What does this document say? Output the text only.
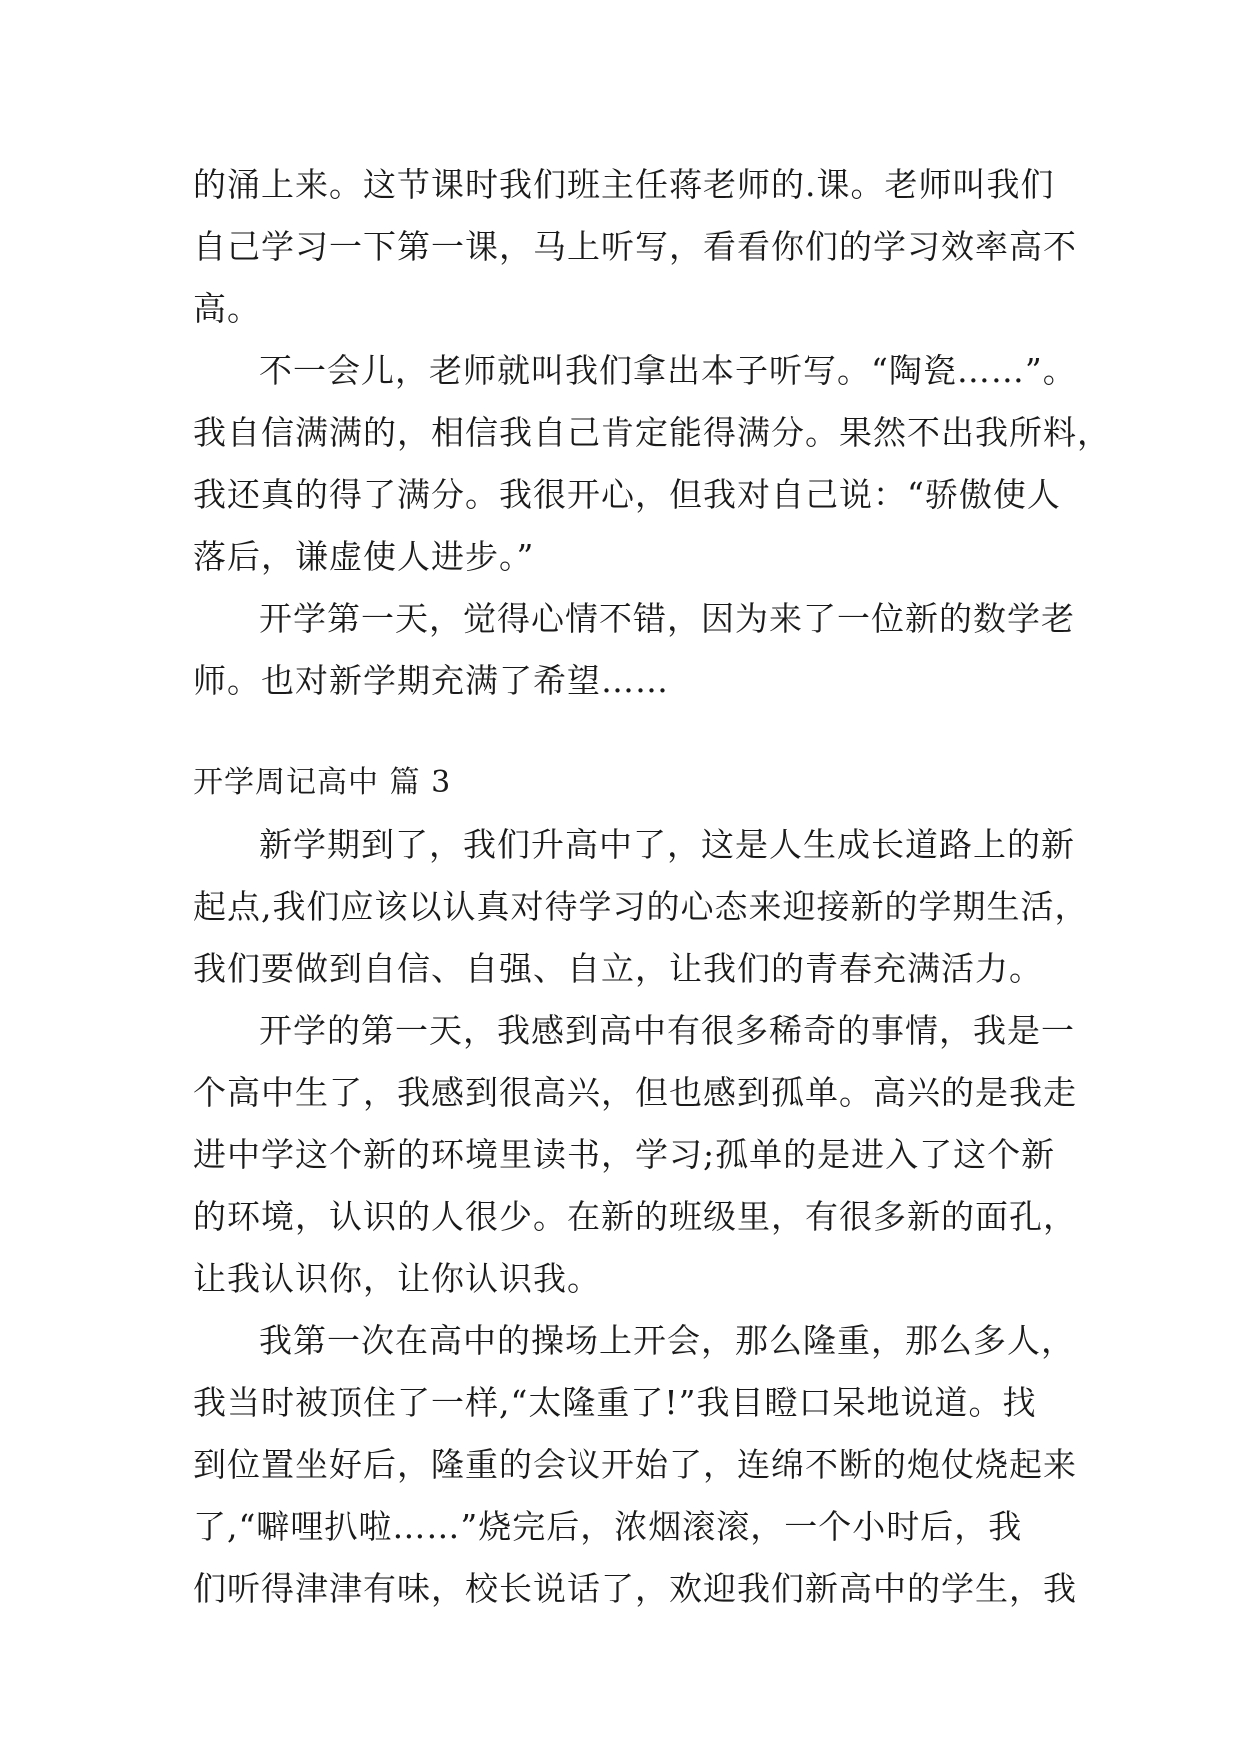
的涌上来。这节课时我们班主任蒋老师的.课。老师叫我们
自己学习一下第一课，马上听写，看看你们的学习效率高不
高。
不一会儿，老师就叫我们拿出本子听写。“陶瓷……”。
我自信满满的，相信我自己肯定能得满分。果然不出我所料，
我还真的得了满分。我很开心，但我对自己说：“骄傲使人
落后，谦虚使人进步。”
开学第一天，觉得心情不错，因为来了一位新的数学老
师。也对新学期充满了希望……
开学周记高中 篇 3
新学期到了，我们升高中了，这是人生成长道路上的新
起点,我们应该以认真对待学习的心态来迎接新的学期生活，
我们要做到自信、自强、自立，让我们的青春充满活力。
开学的第一天，我感到高中有很多稀奇的事情，我是一
个高中生了，我感到很高兴，但也感到孤单。高兴的是我走
进中学这个新的环境里读书，学习;孤单的是进入了这个新
的环境，认识的人很少。在新的班级里，有很多新的面孔，
让我认识你，让你认识我。
我第一次在高中的操场上开会，那么隆重，那么多人，
我当时被顶住了一样,“太隆重了!”我目瞪口呆地说道。找
到位置坐好后，隆重的会议开始了，连绵不断的炮仗烧起来
了,“噼哩扒啦……”烧完后，浓烟滚滚，一个小时后，我
们听得津津有味，校长说话了，欢迎我们新高中的学生，我
